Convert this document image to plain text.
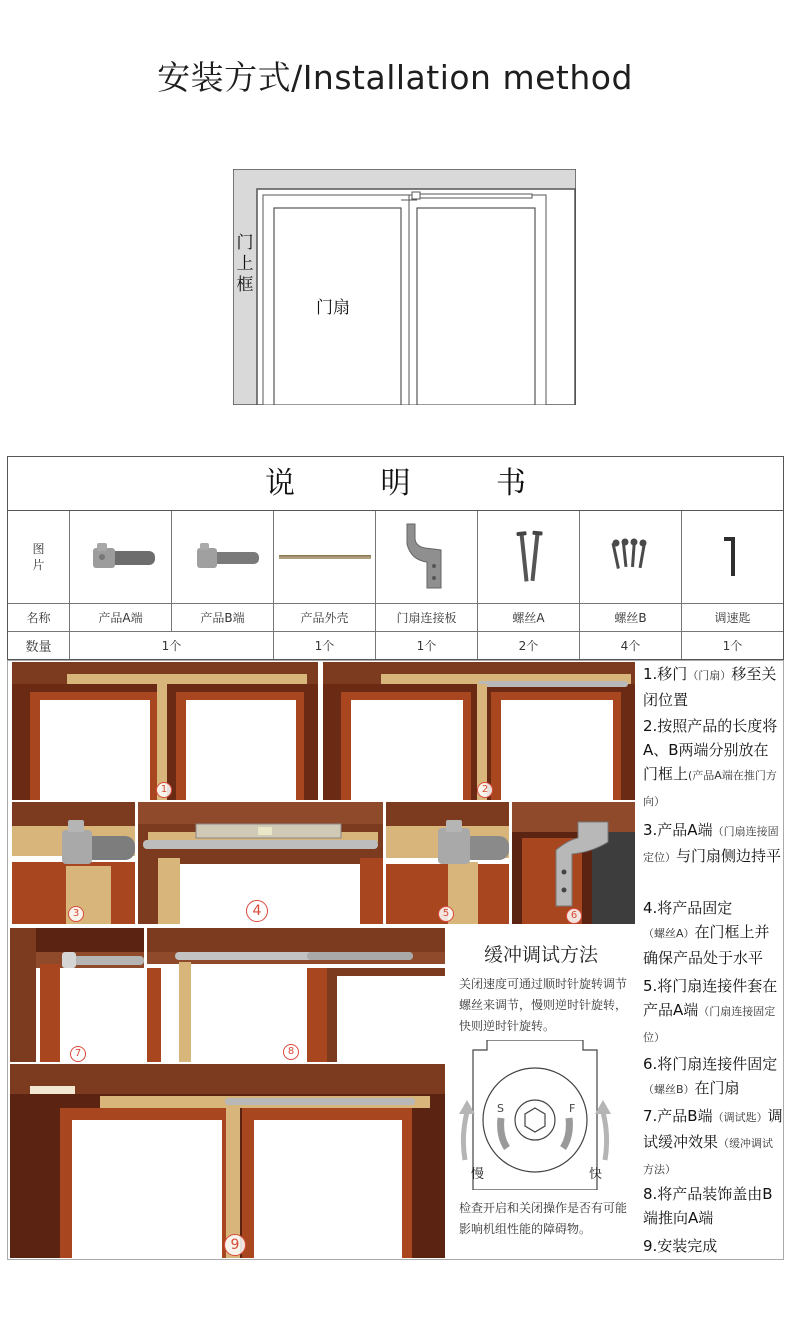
安装方式/Installation method
门上框
门扇
说 明 书
图片
名称	产品A端	产品B端	产品外壳	门扇连接板	螺丝A	螺丝B	调速匙
数量	1个	1个	1个	2个	4个	1个
1	2
3	4	5	6
7	8
9
缓冲调试方法
关闭速度可通过顺时针旋转调节螺丝来调节，慢则逆时针旋转，快则逆时针旋转。
S	F
慢	快
检查开启和关闭操作是否有可能影响机组性能的障碍物。
1.移门（门扇）移至关闭位置
2.按照产品的长度将A、B两端分别放在门框上(产品A端在推门方向）
3.产品A端（门扇连接固定位）与门扇侧边持平
4.将产品固定（螺丝A）在门框上并确保产品处于水平
5.将门扇连接件套在产品A端（门扇连接固定位）
6.将门扇连接件固定（螺丝B）在门扇
7.产品B端（调试匙）调试缓冲效果（缓冲调试方法）
8.将产品装饰盖由B端推向A端
9.安装完成
